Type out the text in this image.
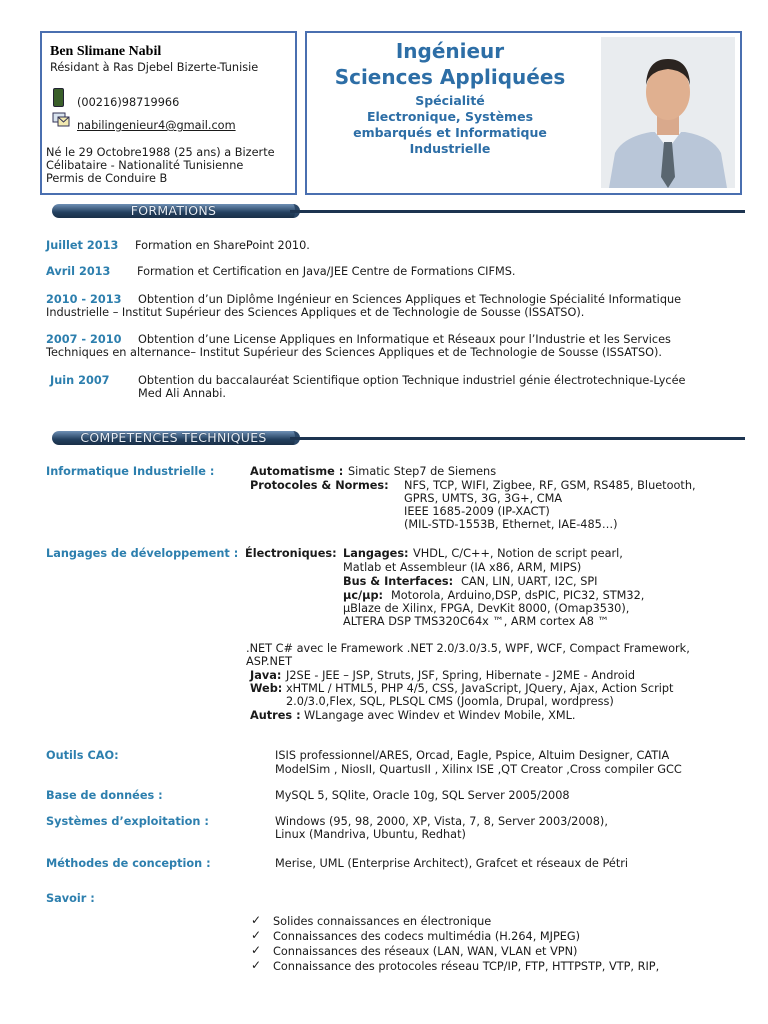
Ben Slimane Nabil
Résidant à Ras Djebel Bizerte-Tunisie
(00216)98719966
nabilingenieur4@gmail.com
Né le 29 Octobre1988 (25 ans) a Bizerte
Célibataire - Nationalité Tunisienne
Permis de Conduire B
Ingénieur
Sciences Appliquées
Spécialité
Electronique, Systèmes
embarqués et Informatique
Industrielle
FORMATIONS
Juillet 2013 Formation en SharePoint 2010.
Avril 2013 Formation et Certification en Java/JEE Centre de Formations CIFMS.
2010 - 2013 Obtention d’un Diplôme Ingénieur en Sciences Appliques et Technologie Spécialité Informatique
Industrielle – Institut Supérieur des Sciences Appliques et de Technologie de Sousse (ISSATSO).
2007 - 2010 Obtention d’une License Appliques en Informatique et Réseaux pour l’Industrie et les Services
Techniques en alternance– Institut Supérieur des Sciences Appliques et de Technologie de Sousse (ISSATSO).
Juin 2007	Obtention du baccalauréat Scientifique option Technique industriel génie électrotechnique-Lycée
Med Ali Annabi.
COMPETENCES TECHNIQUES
Informatique Industrielle :	Automatisme : Simatic Step7 de Siemens
Protocoles & Normes: NFS, TCP, WIFI, Zigbee, RF, GSM, RS485, Bluetooth,
GPRS, UMTS, 3G, 3G+, CMA
IEEE 1685-2009 (IP-XACT)
(MIL-STD-1553B, Ethernet, IAE-485…)
Langages de développement : Électroniques: Langages: VHDL, C/C++, Notion de script pearl,
Matlab et Assembleur (IA x86, ARM, MIPS)
Bus & Interfaces: CAN, LIN, UART, I2C, SPI
µc/µp: Motorola, Arduino,DSP, dsPIC, PIC32, STM32,
µBlaze de Xilinx, FPGA, DevKit 8000, (Omap3530),
ALTERA DSP TMS320C64x ™, ARM cortex A8 ™
.NET C# avec le Framework .NET 2.0/3.0/3.5, WPF, WCF, Compact Framework,
ASP.NET
Java: J2SE - JEE – JSP, Struts, JSF, Spring, Hibernate - J2ME - Android
Web: xHTML / HTML5, PHP 4/5, CSS, JavaScript, JQuery, Ajax, Action Script
2.0/3.0,Flex, SQL, PLSQL CMS (Joomla, Drupal, wordpress)
Autres : WLangage avec Windev et Windev Mobile, XML.
Outils CAO:	ISIS professionnel/ARES, Orcad, Eagle, Pspice, Altuim Designer, CATIA
ModelSim , NiosII, QuartusII , Xilinx ISE ,QT Creator ,Cross compiler GCC
Base de données :	MySQL 5, SQlite, Oracle 10g, SQL Server 2005/2008
Systèmes d’exploitation :	Windows (95, 98, 2000, XP, Vista, 7, 8, Server 2003/2008),
Linux (Mandriva, Ubuntu, Redhat)
Méthodes de conception :	Merise, UML (Enterprise Architect), Grafcet et réseaux de Pétri
Savoir :
✓ Solides connaissances en électronique
✓ Connaissances des codecs multimédia (H.264, MJPEG)
✓ Connaissances des réseaux (LAN, WAN, VLAN et VPN)
✓ Connaissance des protocoles réseau TCP/IP, FTP, HTTPSTP, VTP, RIP,
